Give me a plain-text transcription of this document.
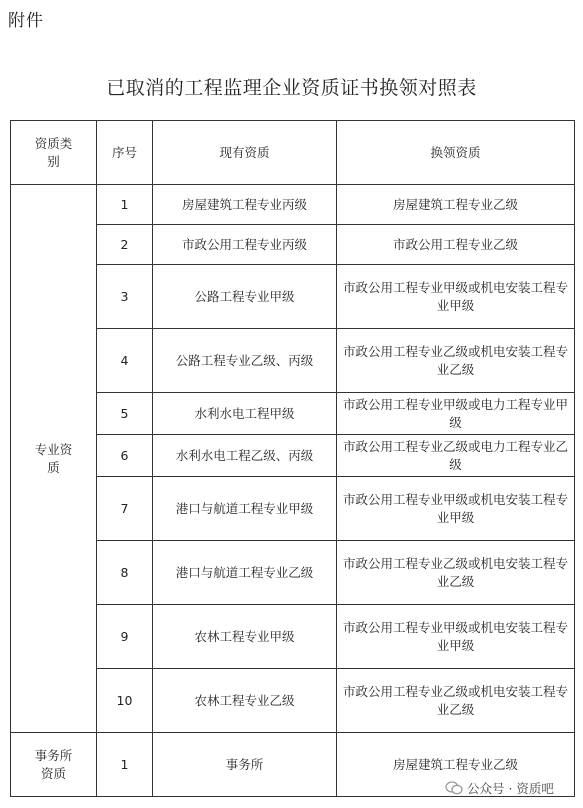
附件
已取消的工程监理企业资质证书换领对照表
资质类别	序号	现有资质	换领资质
专业资质	1	房屋建筑工程专业丙级	房屋建筑工程专业乙级
	2	市政公用工程专业丙级	市政公用工程专业乙级
	3	公路工程专业甲级	市政公用工程专业甲级或机电安装工程专业甲级
	4	公路工程专业乙级、丙级	市政公用工程专业乙级或机电安装工程专业乙级
	5	水利水电工程甲级	市政公用工程专业甲级或电力工程专业甲级
	6	水利水电工程乙级、丙级	市政公用工程专业乙级或电力工程专业乙级
	7	港口与航道工程专业甲级	市政公用工程专业甲级或机电安装工程专业甲级
	8	港口与航道工程专业乙级	市政公用工程专业乙级或机电安装工程专业乙级
	9	农林工程专业甲级	市政公用工程专业甲级或机电安装工程专业甲级
	10	农林工程专业乙级	市政公用工程专业乙级或机电安装工程专业乙级
事务所资质	1	事务所	房屋建筑工程专业乙级
公众号 · 资质吧
